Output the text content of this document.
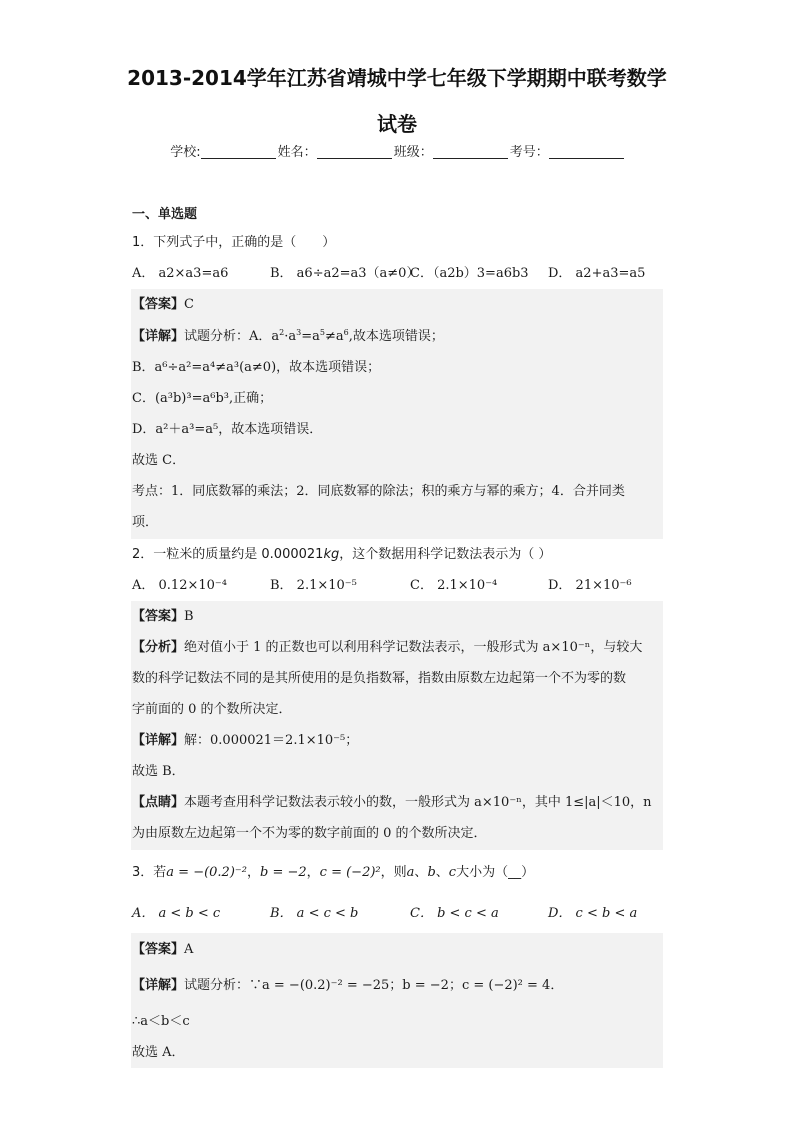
2013-2014学年江苏省靖城中学七年级下学期期中联考数学
试卷
学校:	姓名：	班级：	考号：
一、单选题
1．下列式子中，正确的是（　　）
A． a2×a3=a6	B． a6÷a2=a3（a≠0）
C．（a2b）3=a6b3 D． a2+a3=a5
【答案】C
【详解】试题分析：A．$a^2\cdot a^3=a^5\ne a^6$,故本选项错误；
B．a⁶÷a²=a⁴≠a³(a≠0)，故本选项错误；
C．(a³b)³=a⁶b³,正确；
D．a²＋a³=a⁵，故本选项错误．
故选 C．
考点：1．同底数幂的乘法；2．同底数幂的除法；积的乘方与幂的乘方；4．合并同类
项．
2．一粒米的质量约是 0.000021kg，这个数据用科学记数法表示为（ ）
A． 0.12×10⁻⁴	B． 2.1×10⁻⁵	C． 2.1×10⁻⁴	D． 21×10⁻⁶
【答案】B
【分析】绝对值小于 1 的正数也可以利用科学记数法表示，一般形式为 a×10⁻ⁿ，与较大
数的科学记数法不同的是其所使用的是负指数幂，指数由原数左边起第一个不为零的数
字前面的 0 的个数所决定．
【详解】解：0.000021＝2.1×10⁻⁵；
故选 B．
【点睛】本题考查用科学记数法表示较小的数，一般形式为 a×10⁻ⁿ，其中 1≤|a|＜10，n
为由原数左边起第一个不为零的数字前面的 0 的个数所决定．
3．若a = −(0.2)⁻²，b = −2，c = (−2)²，则a、b、c大小为（__）
A． a < b < c	B． a < c < b	C． b < c < a	D． c < b < a
【答案】A
【详解】试题分析：∵a = −(0.2)⁻² = −25；b = −2；c = (−2)² = 4．
∴a＜b＜c
故选 A．
